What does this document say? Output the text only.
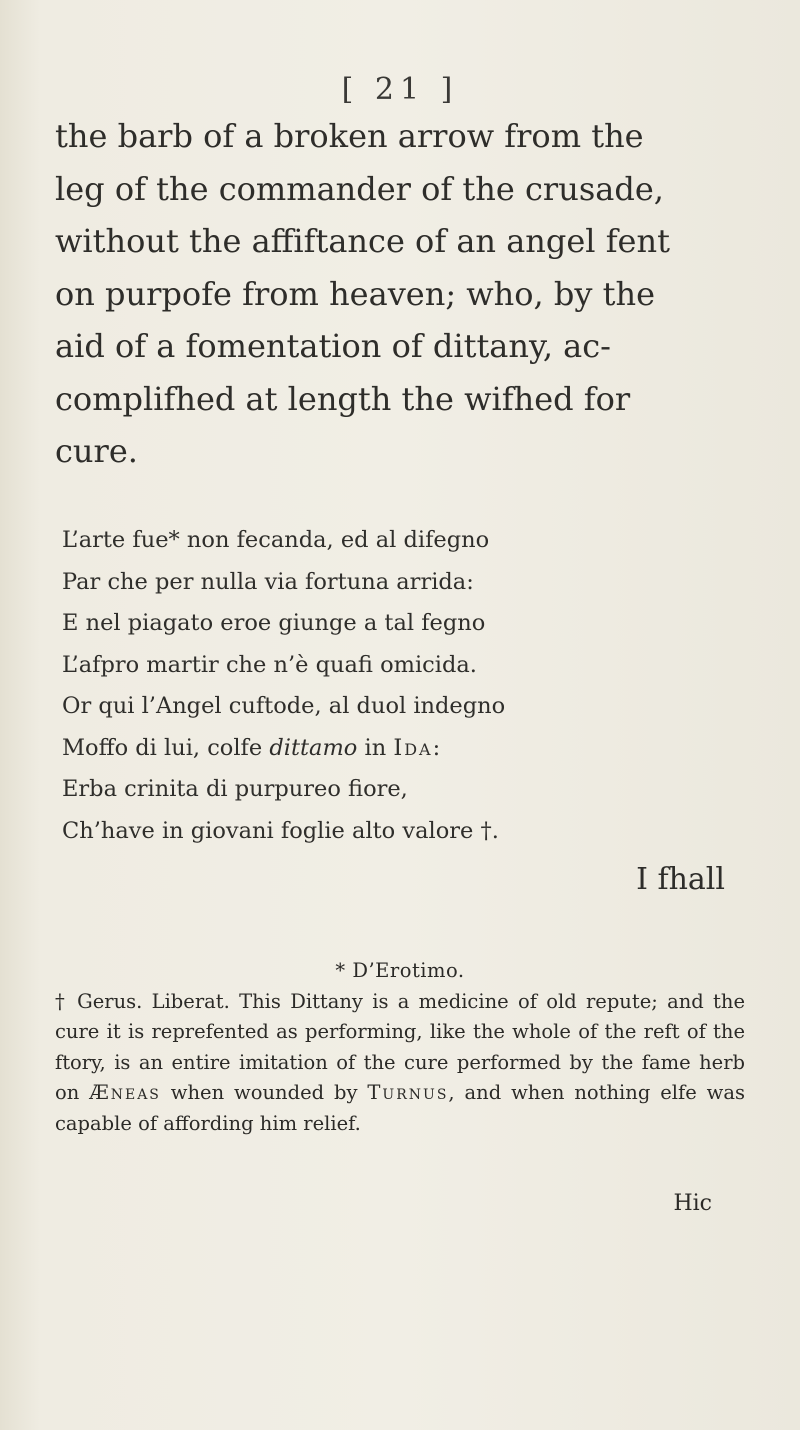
[ 21 ]
the barb of a broken arrow from the
leg of the commander of the crusade,
without the affiftance of an angel fent
on purpofe from heaven; who, by the
aid of a fomentation of dittany, ac-
complifhed at length the wifhed for
cure.
L’arte fue* non fecanda, ed al difegno
Par che per nulla via fortuna arrida:
E nel piagato eroe giunge a tal fegno
L’afpro martir che n’è quafi omicida.
Or qui l’Angel cuftode, al duol indegno
Moffo di lui, colfe dittamo in Ida:
Erba crinita di purpureo fiore,
Ch’have in giovani foglie alto valore †.
I fhall
* D’Erotimo.
† Gerus. Liberat. This Dittany is a medicine of old repute; and the cure it is reprefented as performing, like the whole of the reft of the ftory, is an entire imitation of the cure performed by the fame herb on Æneas when wounded by Turnus, and when nothing elfe was capable of affording him relief.
Hic
